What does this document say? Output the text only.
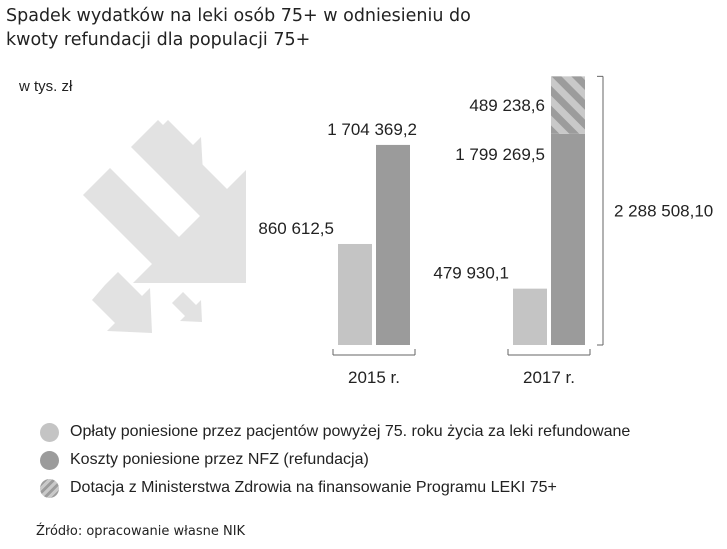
Spadek wydatków na leki osób 75+ w odniesieniu do kwoty refundacji dla populacji 75+
w tys. zł
2015 r.	2017 r.
860 612,5
1 704 369,2
479 930,1
489 238,6
1 799 269,5
2 288 508,10
Opłaty poniesione przez pacjentów powyżej 75. roku życia za leki refundowane
Koszty poniesione przez NFZ (refundacja)
Dotacja z Ministerstwa Zdrowia na finansowanie Programu LEKI 75+
Źródło: opracowanie własne NIK
